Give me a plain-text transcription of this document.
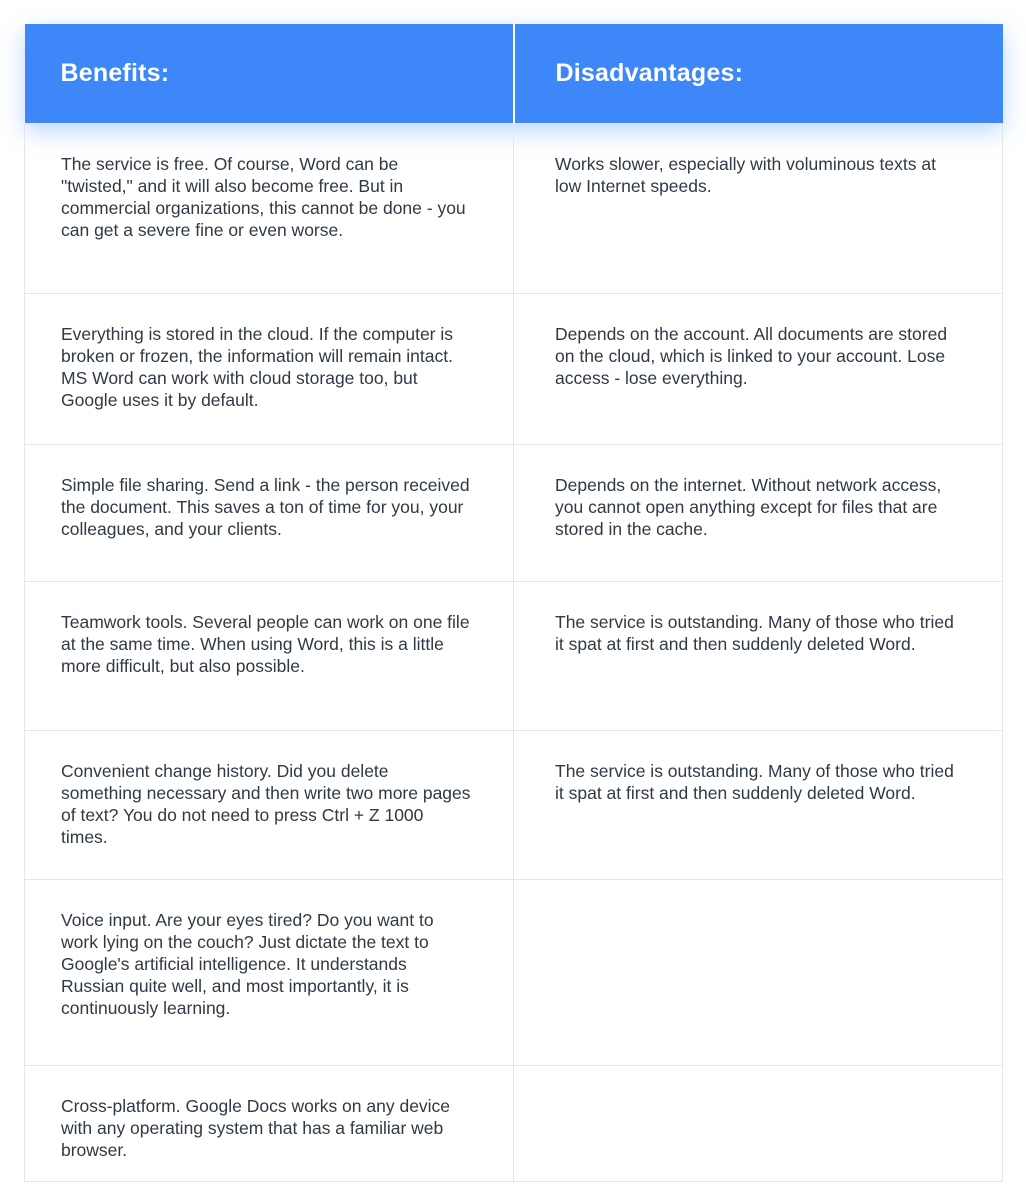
Benefits:	Disadvantages:
The service is free. Of course, Word can be "twisted," and it will also become free. But in commercial organizations, this cannot be done - you can get a severe fine or even worse.	Works slower, especially with voluminous texts at low Internet speeds.
Everything is stored in the cloud. If the computer is broken or frozen, the information will remain intact. MS Word can work with cloud storage too, but Google uses it by default.	Depends on the account. All documents are stored on the cloud, which is linked to your account. Lose access - lose everything.
Simple file sharing. Send a link - the person received the document. This saves a ton of time for you, your colleagues, and your clients.	Depends on the internet. Without network access, you cannot open anything except for files that are stored in the cache.
Teamwork tools. Several people can work on one file at the same time. When using Word, this is a little more difficult, but also possible.	The service is outstanding. Many of those who tried it spat at first and then suddenly deleted Word.
Convenient change history. Did you delete something necessary and then write two more pages of text? You do not need to press Ctrl + Z 1000 times.	The service is outstanding. Many of those who tried it spat at first and then suddenly deleted Word.
Voice input. Are your eyes tired? Do you want to work lying on the couch? Just dictate the text to Google's artificial intelligence. It understands Russian quite well, and most importantly, it is continuously learning.	
Cross-platform. Google Docs works on any device with any operating system that has a familiar web browser.	
